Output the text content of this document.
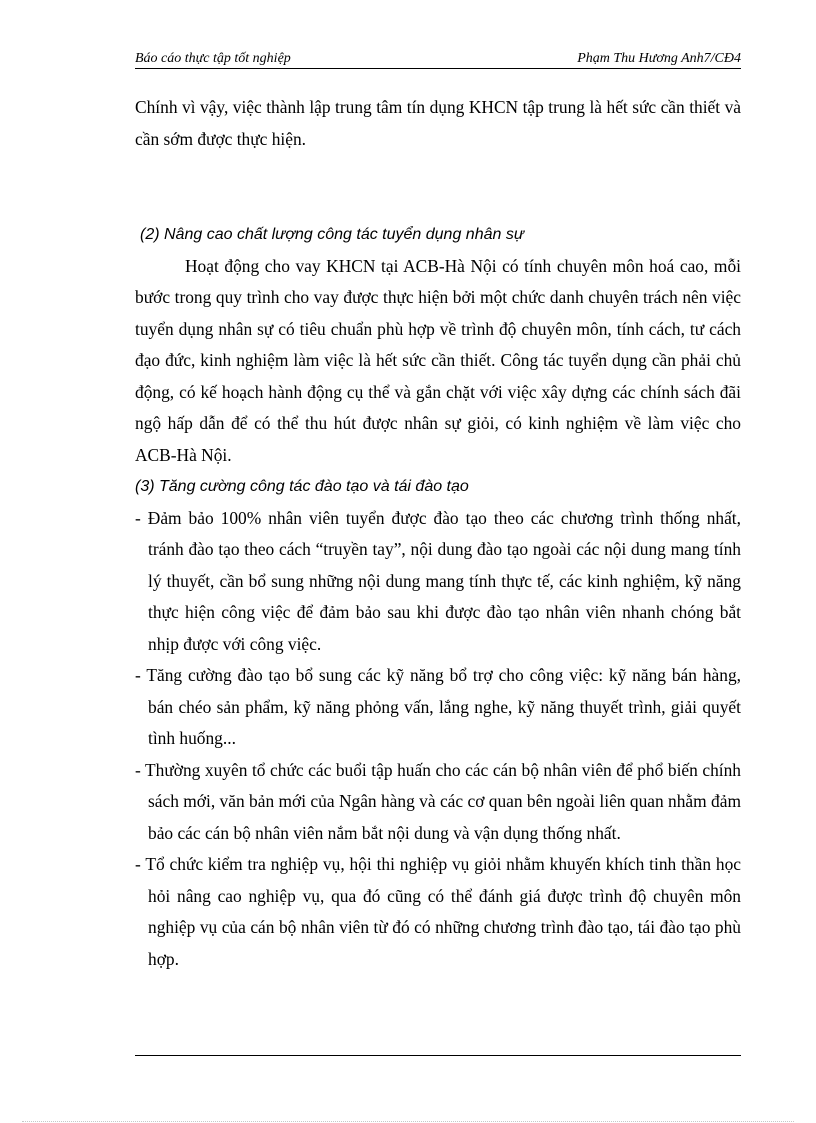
Báo cáo thực tập tốt nghiệp	Phạm Thu Hương Anh7/CĐ4

Chính vì vậy, việc thành lập trung tâm tín dụng KHCN tập trung là hết sức cần thiết và cần sớm được thực hiện.

(2) Nâng cao chất lượng công tác tuyển dụng nhân sự

Hoạt động cho vay KHCN tại ACB-Hà Nội có tính chuyên môn hoá cao, mỗi bước trong quy trình cho vay được thực hiện bởi một chức danh chuyên trách nên việc tuyển dụng nhân sự có tiêu chuẩn phù hợp về trình độ chuyên môn, tính cách, tư cách đạo đức, kinh nghiệm làm việc là hết sức cần thiết. Công tác tuyển dụng cần phải chủ động, có kế hoạch hành động cụ thể và gắn chặt với việc xây dựng các chính sách đãi ngộ hấp dẫn để có thể thu hút được nhân sự giỏi, có kinh nghiệm về làm việc cho ACB-Hà Nội.

(3) Tăng cường công tác đào tạo và tái đào tạo

- Đảm bảo 100% nhân viên tuyển được đào tạo theo các chương trình thống nhất, tránh đào tạo theo cách “truyền tay”, nội dung đào tạo ngoài các nội dung mang tính lý thuyết, cần bổ sung những nội dung mang tính thực tế, các kinh nghiệm, kỹ năng thực hiện công việc để đảm bảo sau khi được đào tạo nhân viên nhanh chóng bắt nhịp được với công việc.

- Tăng cường đào tạo bổ sung các kỹ năng bổ trợ cho công việc: kỹ năng bán hàng, bán chéo sản phẩm, kỹ năng phỏng vấn, lắng nghe, kỹ năng thuyết trình, giải quyết tình huống...

- Thường xuyên tổ chức các buổi tập huấn cho các cán bộ nhân viên để phổ biến chính sách mới, văn bản mới của Ngân hàng và các cơ quan bên ngoài liên quan nhằm đảm bảo các cán bộ nhân viên nắm bắt nội dung và vận dụng thống nhất.

- Tổ chức kiểm tra nghiệp vụ, hội thi nghiệp vụ giỏi nhằm khuyến khích tinh thần học hỏi nâng cao nghiệp vụ, qua đó cũng có thể đánh giá được trình độ chuyên môn nghiệp vụ của cán bộ nhân viên từ đó có những chương trình đào tạo, tái đào tạo phù hợp.
